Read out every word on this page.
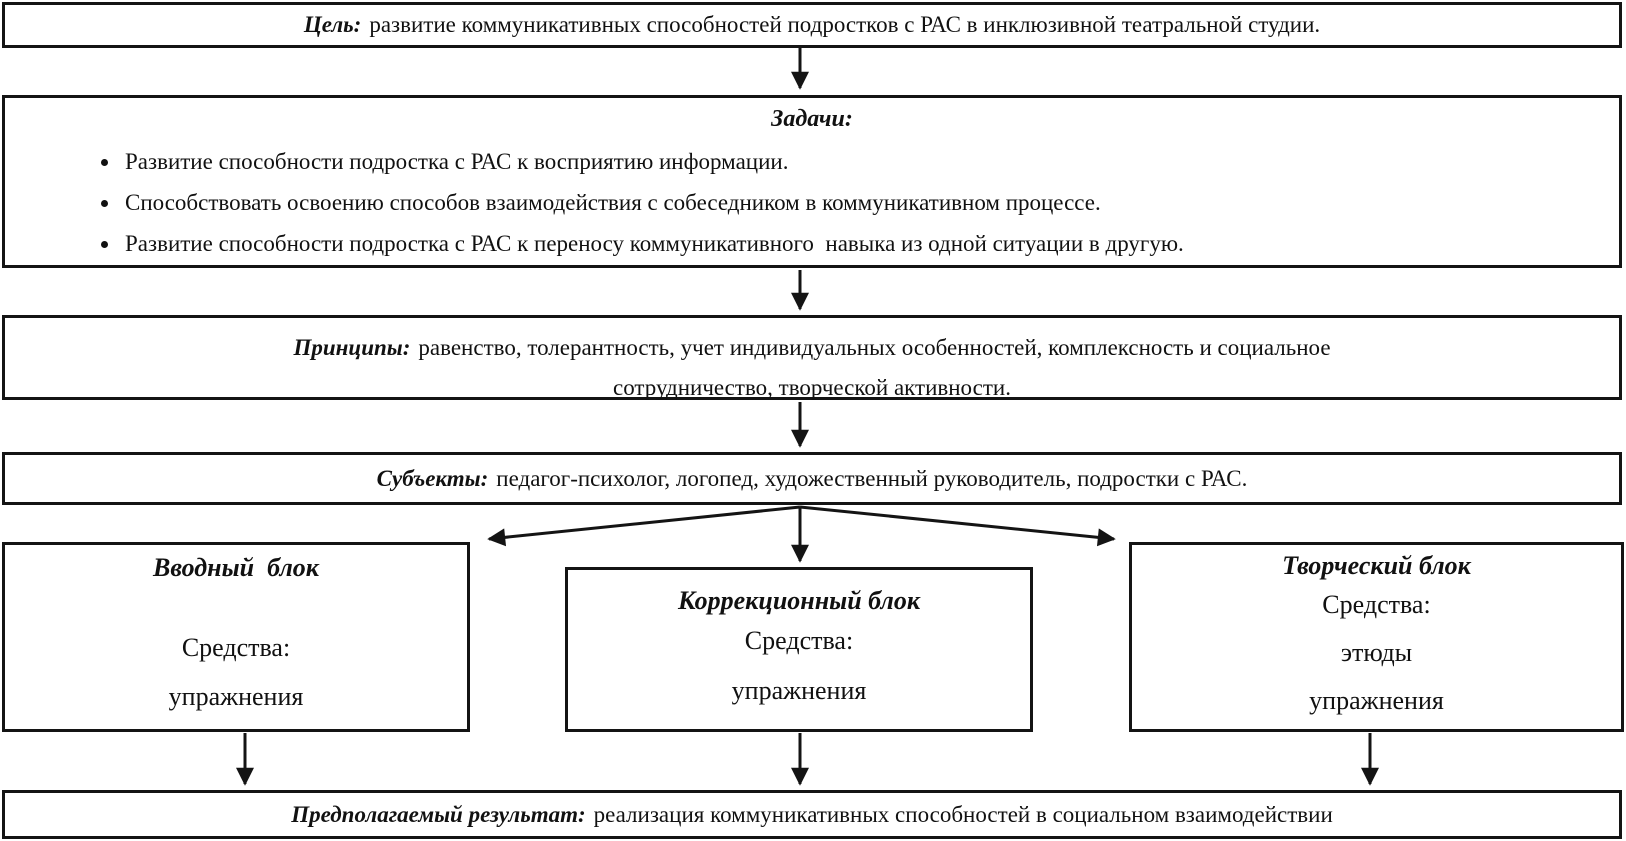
Цель: развитие коммуникативных способностей подростков с РАС в инклюзивной театральной студии.
Задачи:
• Развитие способности подростка с РАС к восприятию информации.
• Способствовать освоению способов взаимодействия с собеседником в коммуникативном процессе.
• Развитие способности подростка с РАС к переносу коммуникативного  навыка из одной ситуации в другую.
Принципы: равенство, толерантность, учет индивидуальных особенностей, комплексность и социальное
сотрудничество, творческой активности.
Субъекты: педагог-психолог, логопед, художественный руководитель, подростки с РАС.
Вводный  блок
Средства:
упражнения
Коррекционный блок
Средства:
упражнения
Творческий блок
Средства:
этюды
упражнения
Предполагаемый результат: реализация коммуникативных способностей в социальном взаимодействии
